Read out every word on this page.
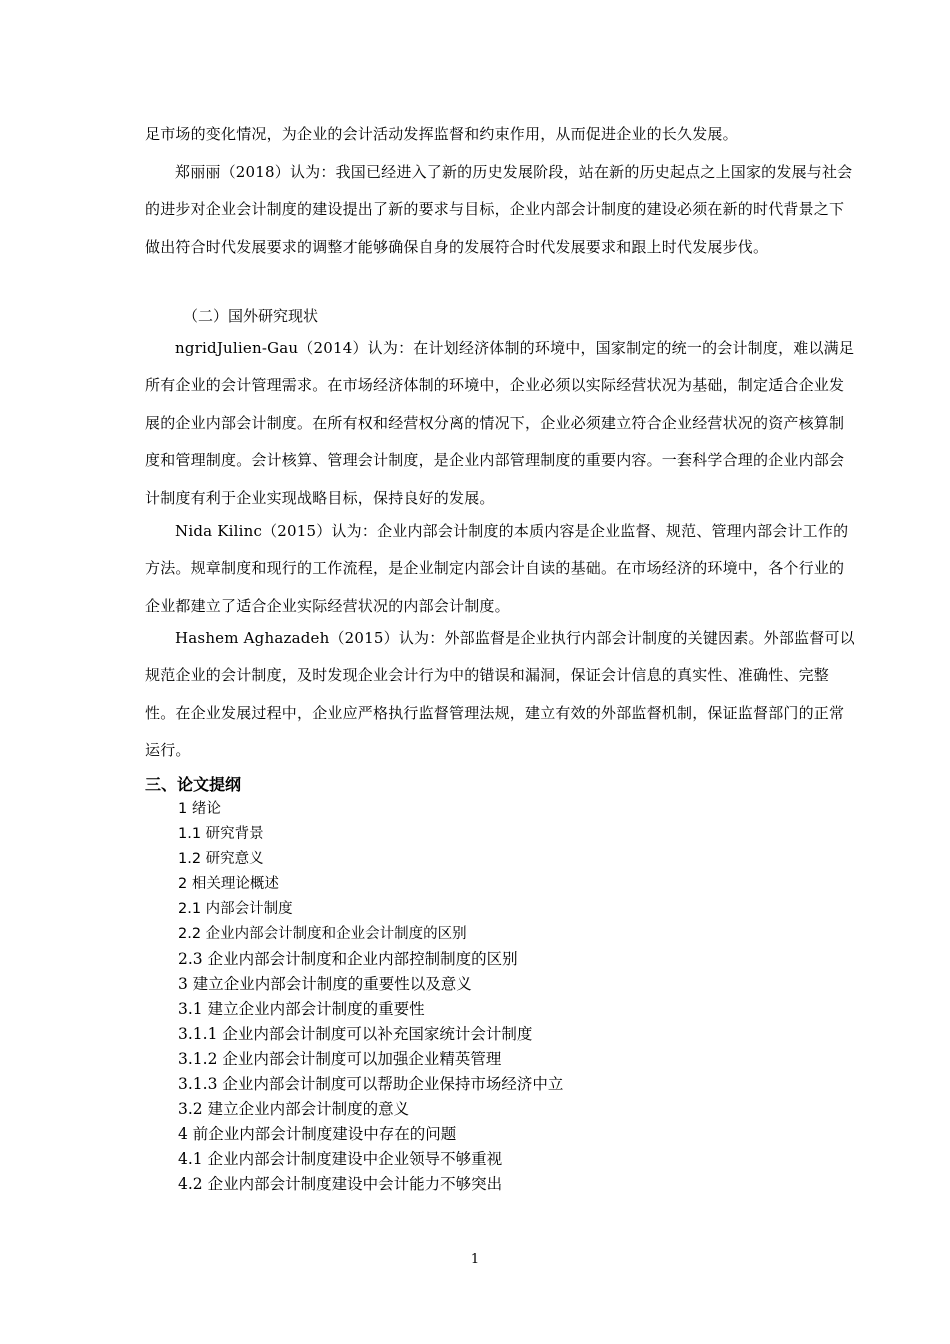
足市场的变化情况，为企业的会计活动发挥监督和约束作用，从而促进企业的长久发展。

郑丽丽（2018）认为：我国已经进入了新的历史发展阶段，站在新的历史起点之上国家的发展与社会的进步对企业会计制度的建设提出了新的要求与目标，企业内部会计制度的建设必须在新的时代背景之下做出符合时代发展要求的调整才能够确保自身的发展符合时代发展要求和跟上时代发展步伐。

（二）国外研究现状

ngridJulien-Gau（2014）认为：在计划经济体制的环境中，国家制定的统一的会计制度，难以满足所有企业的会计管理需求。在市场经济体制的环境中，企业必须以实际经营状况为基础，制定适合企业发展的企业内部会计制度。在所有权和经营权分离的情况下，企业必须建立符合企业经营状况的资产核算制度和管理制度。会计核算、管理会计制度，是企业内部管理制度的重要内容。一套科学合理的企业内部会计制度有利于企业实现战略目标，保持良好的发展。

Nida Kilinc（2015）认为：企业内部会计制度的本质内容是企业监督、规范、管理内部会计工作的方法。规章制度和现行的工作流程，是企业制定内部会计自读的基础。在市场经济的环境中，各个行业的企业都建立了适合企业实际经营状况的内部会计制度。

Hashem Aghazadeh（2015）认为：外部监督是企业执行内部会计制度的关键因素。外部监督可以规范企业的会计制度，及时发现企业会计行为中的错误和漏洞，保证会计信息的真实性、准确性、完整性。在企业发展过程中，企业应严格执行监督管理法规，建立有效的外部监督机制，保证监督部门的正常运行。

三、论文提纲
1 绪论
1.1 研究背景
1.2 研究意义
2 相关理论概述
2.1 内部会计制度
2.2 企业内部会计制度和企业会计制度的区别
2.3 企业内部会计制度和企业内部控制制度的区别
3 建立企业内部会计制度的重要性以及意义
3.1 建立企业内部会计制度的重要性
3.1.1 企业内部会计制度可以补充国家统计会计制度
3.1.2 企业内部会计制度可以加强企业精英管理
3.1.3 企业内部会计制度可以帮助企业保持市场经济中立
3.2 建立企业内部会计制度的意义
4 前企业内部会计制度建设中存在的问题
4.1 企业内部会计制度建设中企业领导不够重视
4.2 企业内部会计制度建设中会计能力不够突出

1
